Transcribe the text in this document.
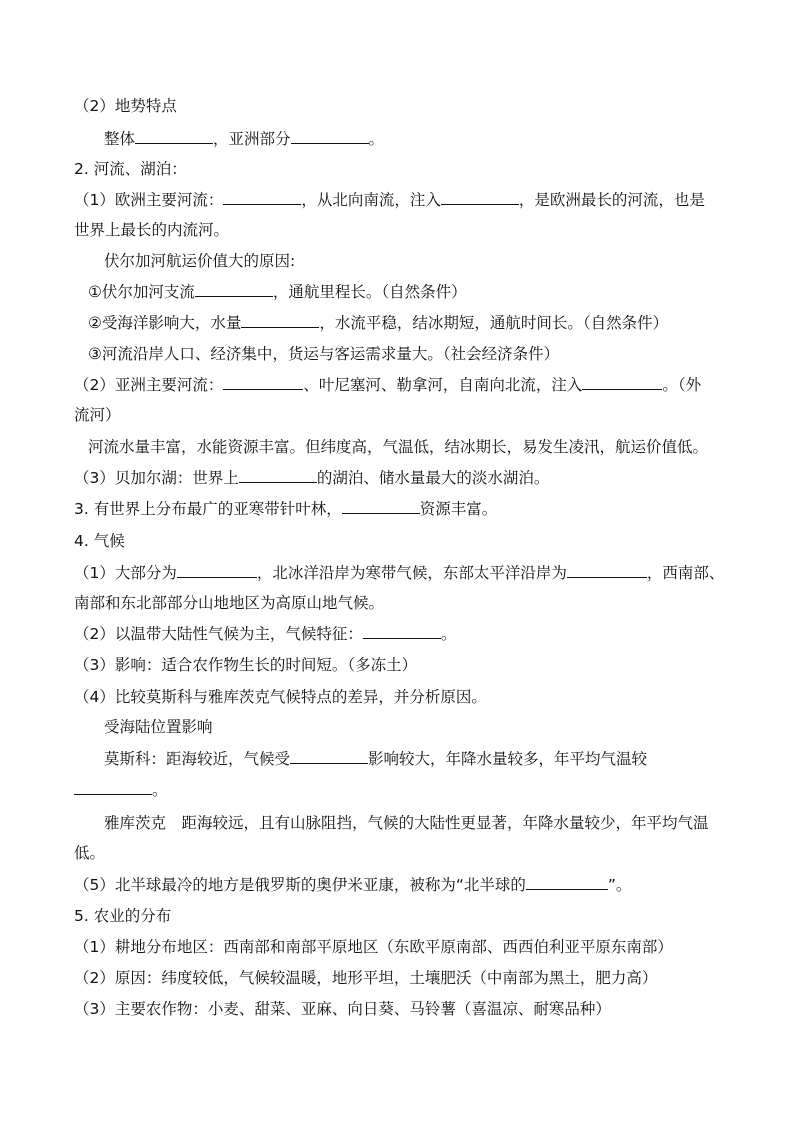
（2）地势特点
整体	，亚洲部分	。
2. 河流、湖泊：
（1）欧洲主要河流：	，从北向南流，注入	，是欧洲最长的河流，也是
世界上最长的内流河。
伏尔加河航运价值大的原因:
①伏尔加河支流	，通航里程长。（自然条件）
②受海洋影响大，水量	，水流平稳，结冰期短，通航时间长。（自然条件）
③河流沿岸人口、经济集中，货运与客运需求量大。（社会经济条件）
（2）亚洲主要河流：	、叶尼塞河、勒拿河，自南向北流，注入	。（外
流河）
河流水量丰富，水能资源丰富。但纬度高，气温低，结冰期长，易发生凌汛，航运价值低。
（3）贝加尔湖：世界上	的湖泊、储水量最大的淡水湖泊。
3. 有世界上分布最广的亚寒带针叶林，	资源丰富。
4. 气候
（1）大部分为	，北冰洋沿岸为寒带气候，东部太平洋沿岸为	，西南部、
南部和东北部部分山地地区为高原山地气候。
（2）以温带大陆性气候为主，气候特征：	。
（3）影响：适合农作物生长的时间短。（多冻土）
（4）比较莫斯科与雅库茨克气候特点的差异，并分析原因。
受海陆位置影响
莫斯科：距海较近，气候受	影响较大，年降水量较多，年平均气温较
。
雅库茨克　距海较远，且有山脉阻挡，气候的大陆性更显著，年降水量较少，年平均气温
低。
（5）北半球最冷的地方是俄罗斯的奥伊米亚康，被称为“北半球的	”。
5. 农业的分布
（1）耕地分布地区：西南部和南部平原地区（东欧平原南部、西西伯利亚平原东南部）
（2）原因：纬度较低，气候较温暖，地形平坦，土壤肥沃（中南部为黑土，肥力高）
（3）主要农作物：小麦、甜菜、亚麻、向日葵、马铃薯（喜温凉、耐寒品种）
